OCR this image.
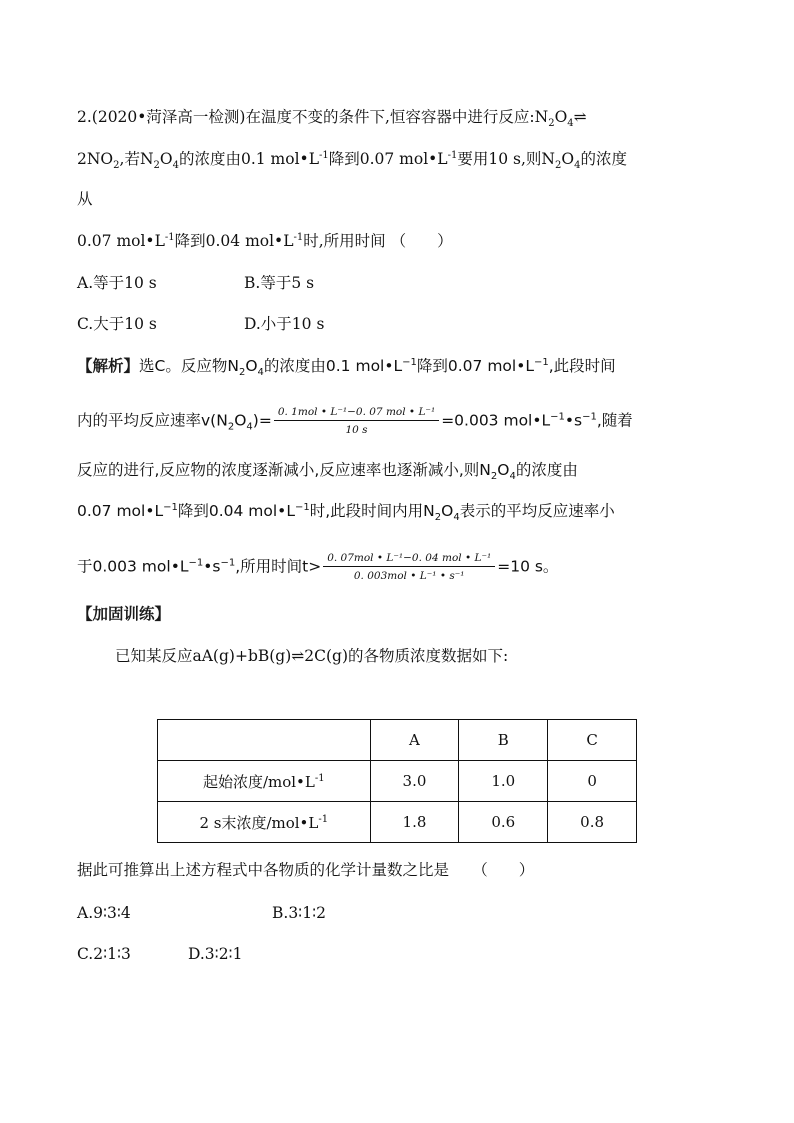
2.(2020•菏泽高一检测)在温度不变的条件下,恒容容器中进行反应$:N_2O_4\rightleftharpoons$
$2NO_2$,若$N_2O_4$的浓度由0.1 $mol•L^{-1}$降到0.07 $mol•L^{-1}$要用10 s,则$N_2O_4$的浓度
从
0.07 $mol•L^{-1}$降到0.04 $mol•L^{-1}$时,所用时间 （　　）
A.等于10 s	B.等于5 s
C.大于10 s	D.小于10 s
【解析】选C。反应物$N_2O_4$的浓度由0.1 $mol•L^{-1}$降到0.07 $mol•L^{-1}$,此段时间
内的平均反应速率$v(N_2O_4)= \frac{\text{0. 1mol • L⁻¹−0. 07 mol • L⁻¹}}{10 s} =0.003$ $mol•L^{-1}•s^{-1}$,随着
反应的进行,反应物的浓度逐渐减小,反应速率也逐渐减小,则$N_2O_4$的浓度由
0.07 $mol•L^{-1}$降到0.04 $mol•L^{-1}$时,此段时间内用$N_2O_4$表示的平均反应速率小
于0.003 $mol•L^{-1}•s^{-1}$,所用时间$t> \frac{\text{0. 07mol • L⁻¹−0. 04 mol • L⁻¹}}{\text{0. 003mol • L⁻¹ • s⁻¹}} =10$ s。
【加固训练】
已知某反应aA(g)+bB(g)⇌2C(g)的各物质浓度数据如下:
	A	B	C
起始浓度$/mol•L^{-1}$	3.0	1.0	0
2 s末浓度$/mol•L^{-1}$	1.8	0.6	0.8
据此可推算出上述方程式中各物质的化学计量数之比是　　（　　）
A.9∶3∶4	B.3∶1∶2
C.2∶1∶3	D.3∶2∶1
